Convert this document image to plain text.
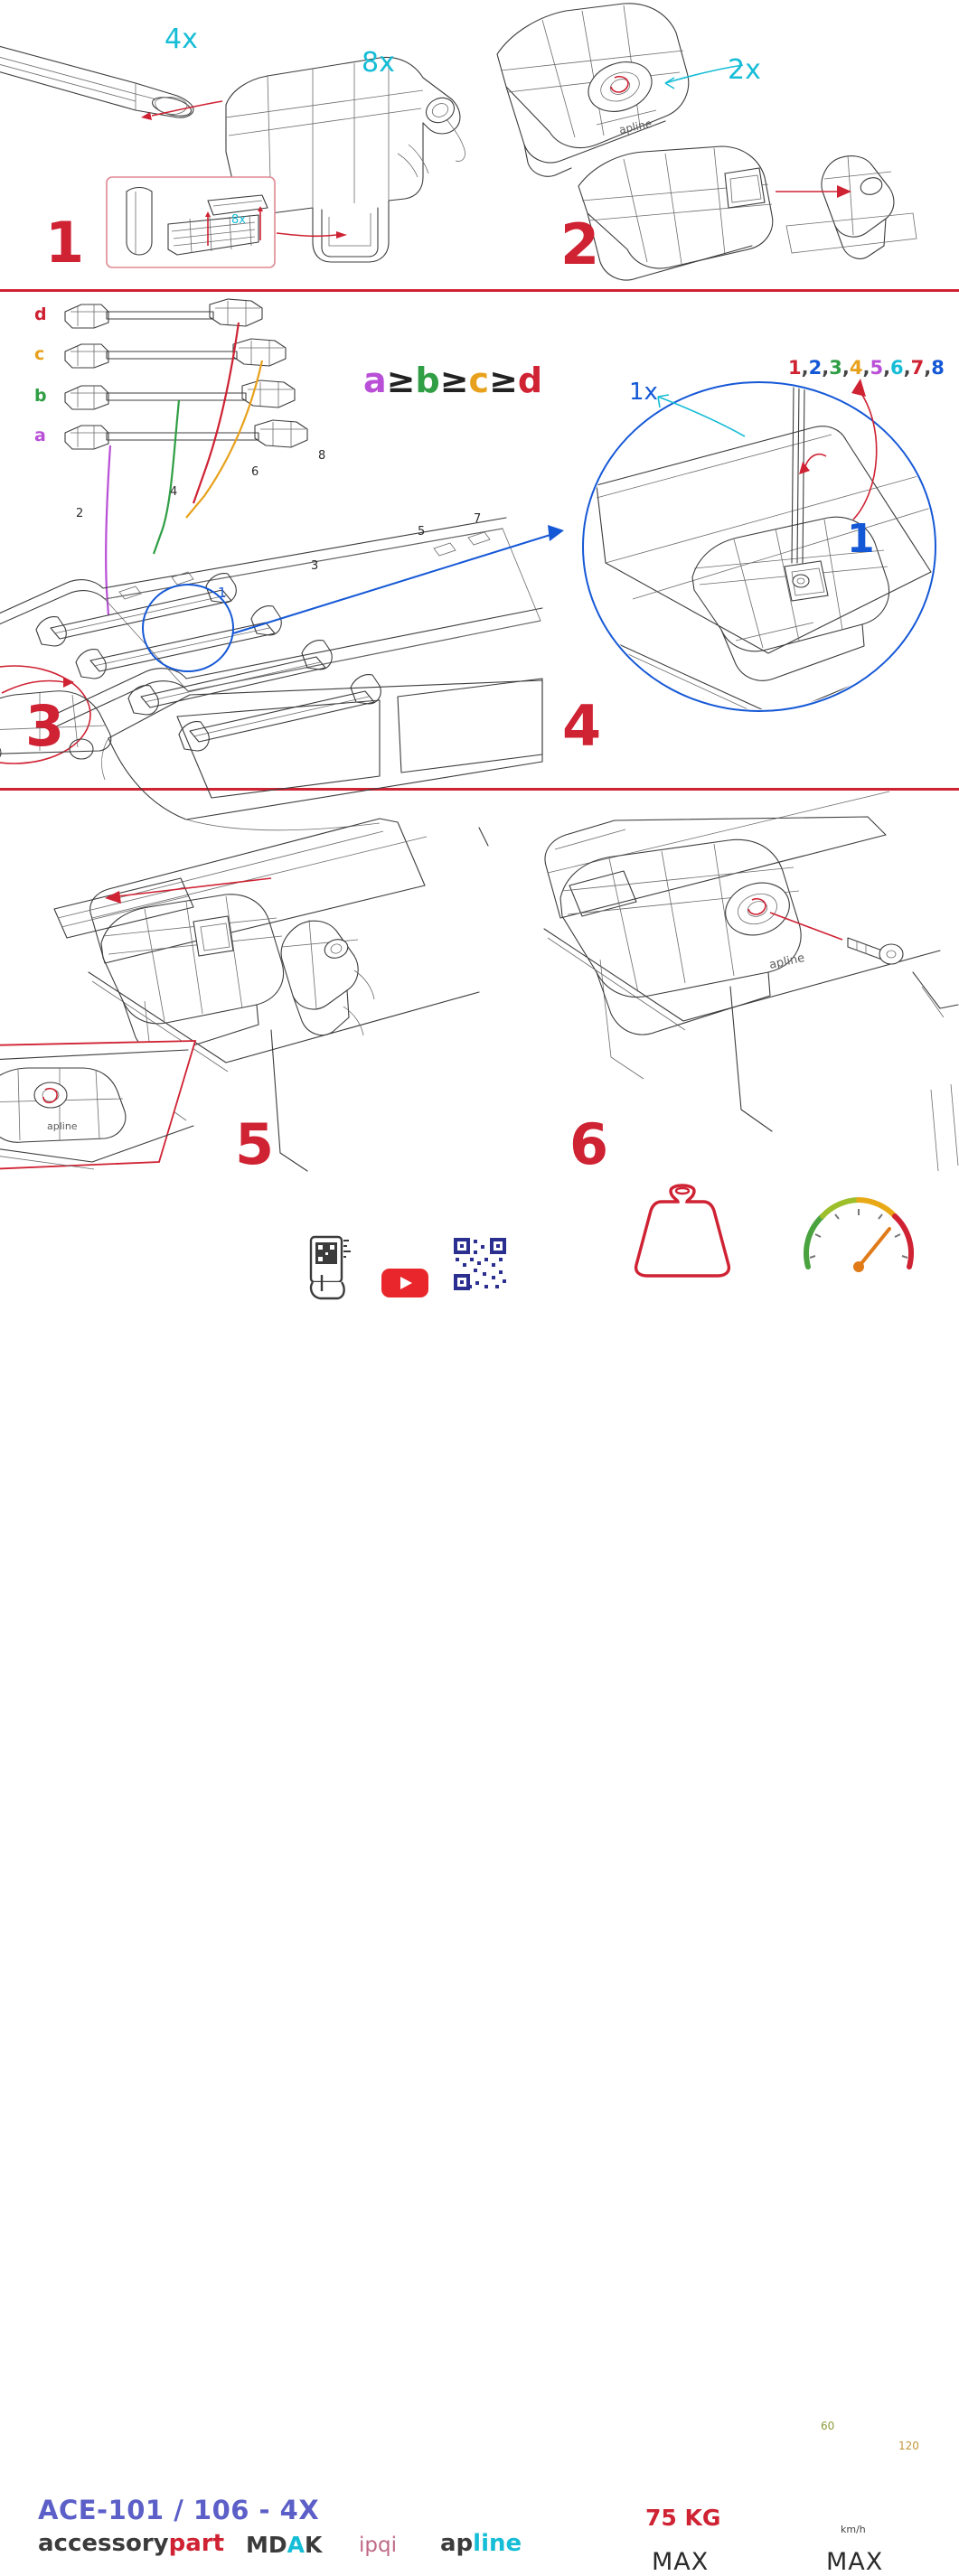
4x
8x
8x
1
apline
2x
2
d
c
b
a
a≥b≥c≥d
2
4
6
8
3
5
7
1
3
1x
1
1,2,3,4,5,6,7,8
4
apline	5
apline
6
75 KG
MAX
60
120
km/h
MAX
ACE-101 / 106 - 4X
accessorypart MDAK ipqi apline
